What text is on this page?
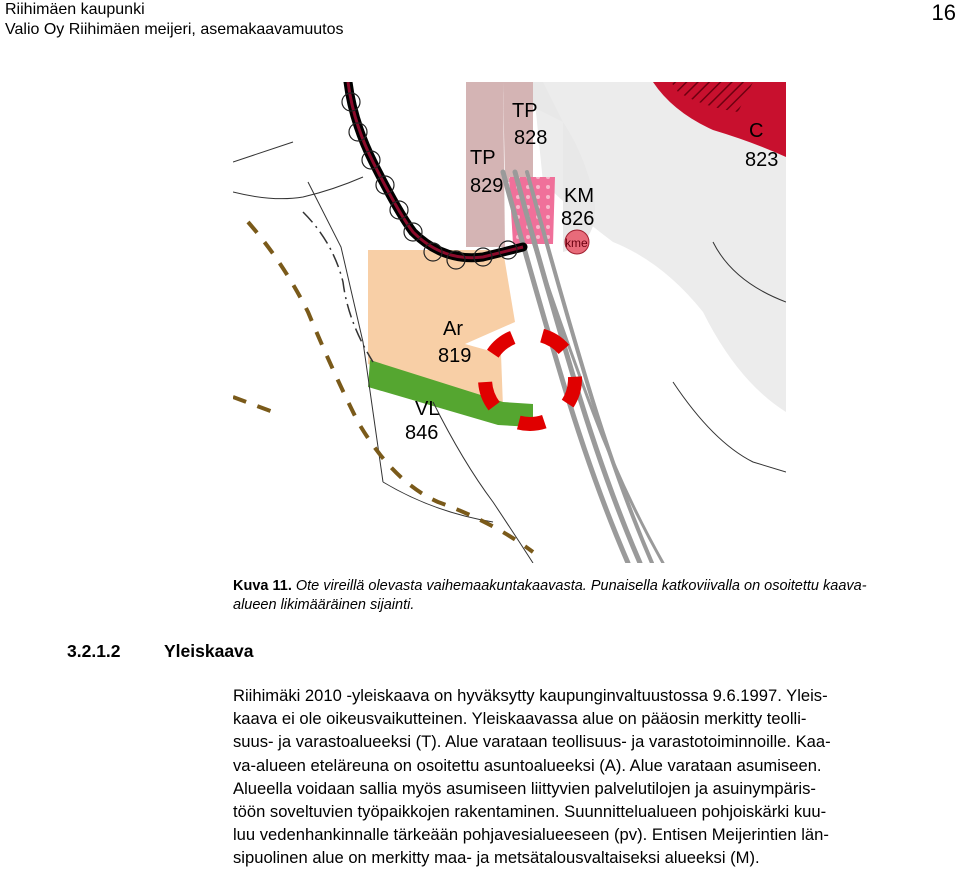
Riihimäen kaupunki
Valio Oy Riihimäen meijeri, asemakaavamuutos
16
TP
828
TP
829	KM
826
C
823
Ar
819
VL
846
kme
Kuva 11. Ote vireillä olevasta vaihemaakuntakaavasta. Punaisella katkoviivalla on osoitettu kaava-
alueen likimääräinen sijainti.
3.2.1.2 Yleiskaava
Riihimäki 2010 -yleiskaava on hyväksytty kaupunginvaltuustossa 9.6.1997. Yleis-
kaava ei ole oikeusvaikutteinen. Yleiskaavassa alue on pääosin merkitty teolli-
suus- ja varastoalueeksi (T). Alue varataan teollisuus- ja varastotoiminnoille. Kaa-
va-alueen eteläreuna on osoitettu asuntoalueeksi (A). Alue varataan asumiseen.
Alueella voidaan sallia myös asumiseen liittyvien palvelutilojen ja asuinympäris-
töön soveltuvien työpaikkojen rakentaminen. Suunnittelualueen pohjoiskärki kuu-
luu vedenhankinnalle tärkeään pohjavesialueeseen (pv). Entisen Meijerintien län-
sipuolinen alue on merkitty maa- ja metsätalousvaltaiseksi alueeksi (M).
